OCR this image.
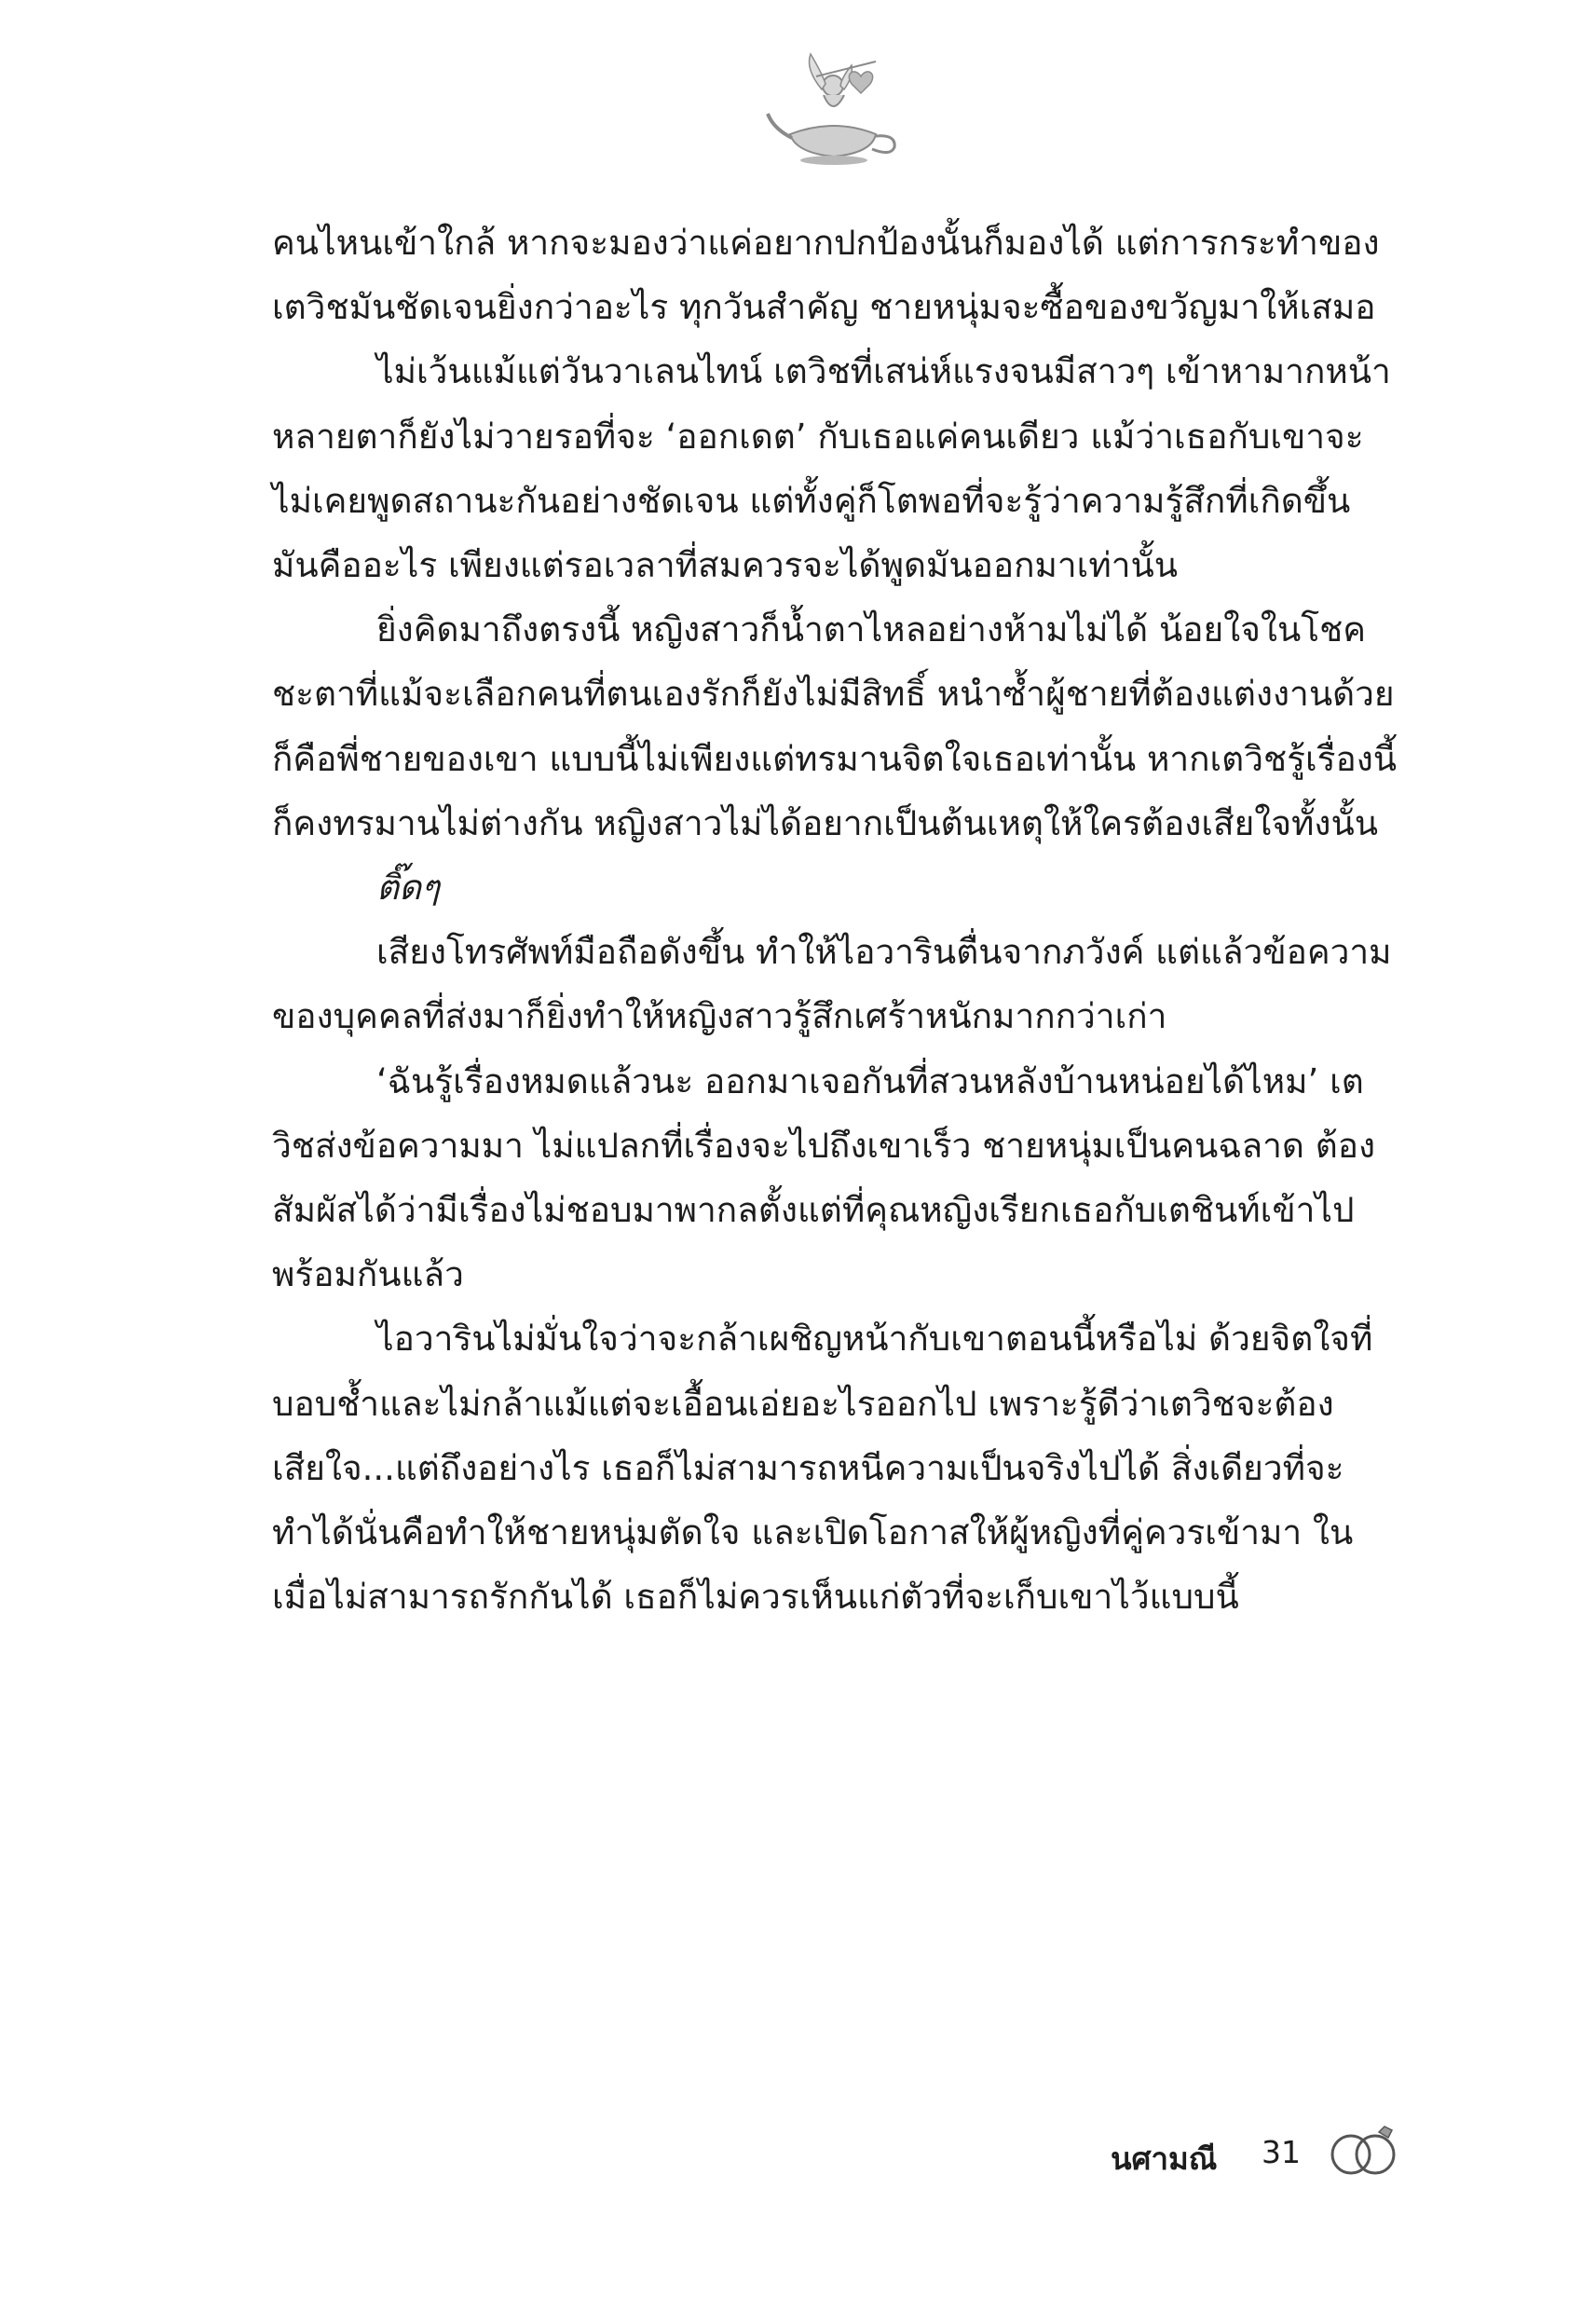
คนไหนเข้าใกล้ หากจะมองว่าแค่อยากปกป้องนั้นก็มองได้ แต่การกระทำของเตวิชมันชัดเจนยิ่งกว่าอะไร ทุกวันสำคัญ ชายหนุ่มจะซื้อของขวัญมาให้เสมอ

ไม่เว้นแม้แต่วันวาเลนไทน์ เตวิชที่เสน่ห์แรงจนมีสาวๆ เข้าหามากหน้าหลายตาก็ยังไม่วายรอที่จะ ‘ออกเดต’ กับเธอแค่คนเดียว แม้ว่าเธอกับเขาจะไม่เคยพูดสถานะกันอย่างชัดเจน แต่ทั้งคู่ก็โตพอที่จะรู้ว่าความรู้สึกที่เกิดขึ้น มันคืออะไร เพียงแต่รอเวลาที่สมควรจะได้พูดมันออกมาเท่านั้น

ยิ่งคิดมาถึงตรงนี้ หญิงสาวก็น้ำตาไหลอย่างห้ามไม่ได้ น้อยใจในโชคชะตาที่แม้จะเลือกคนที่ตนเองรักก็ยังไม่มีสิทธิ์ หนำซ้ำผู้ชายที่ต้องแต่งงานด้วยก็คือพี่ชายของเขา แบบนี้ไม่เพียงแต่ทรมานจิตใจเธอเท่านั้น หากเตวิชรู้เรื่องนี้ก็คงทรมานไม่ต่างกัน หญิงสาวไม่ได้อยากเป็นต้นเหตุให้ใครต้องเสียใจทั้งนั้น

ติ๊ดๆ

เสียงโทรศัพท์มือถือดังขึ้น ทำให้ไอวารินตื่นจากภวังค์ แต่แล้วข้อความของบุคคลที่ส่งมาก็ยิ่งทำให้หญิงสาวรู้สึกเศร้าหนักมากกว่าเก่า

‘ฉันรู้เรื่องหมดแล้วนะ ออกมาเจอกันที่สวนหลังบ้านหน่อยได้ไหม’ เตวิชส่งข้อความมา ไม่แปลกที่เรื่องจะไปถึงเขาเร็ว ชายหนุ่มเป็นคนฉลาด ต้องสัมผัสได้ว่ามีเรื่องไม่ชอบมาพากลตั้งแต่ที่คุณหญิงเรียกเธอกับเตชินท์เข้าไปพร้อมกันแล้ว

ไอวารินไม่มั่นใจว่าจะกล้าเผชิญหน้ากับเขาตอนนี้หรือไม่ ด้วยจิตใจที่บอบช้ำและไม่กล้าแม้แต่จะเอื้อนเอ่ยอะไรออกไป เพราะรู้ดีว่าเตวิชจะต้องเสียใจ...แต่ถึงอย่างไร เธอก็ไม่สามารถหนีความเป็นจริงไปได้ สิ่งเดียวที่จะทำได้นั่นคือทำให้ชายหนุ่มตัดใจ และเปิดโอกาสให้ผู้หญิงที่คู่ควรเข้ามา ในเมื่อไม่สามารถรักกันได้ เธอก็ไม่ควรเห็นแก่ตัวที่จะเก็บเขาไว้แบบนี้

นศามณี 31
